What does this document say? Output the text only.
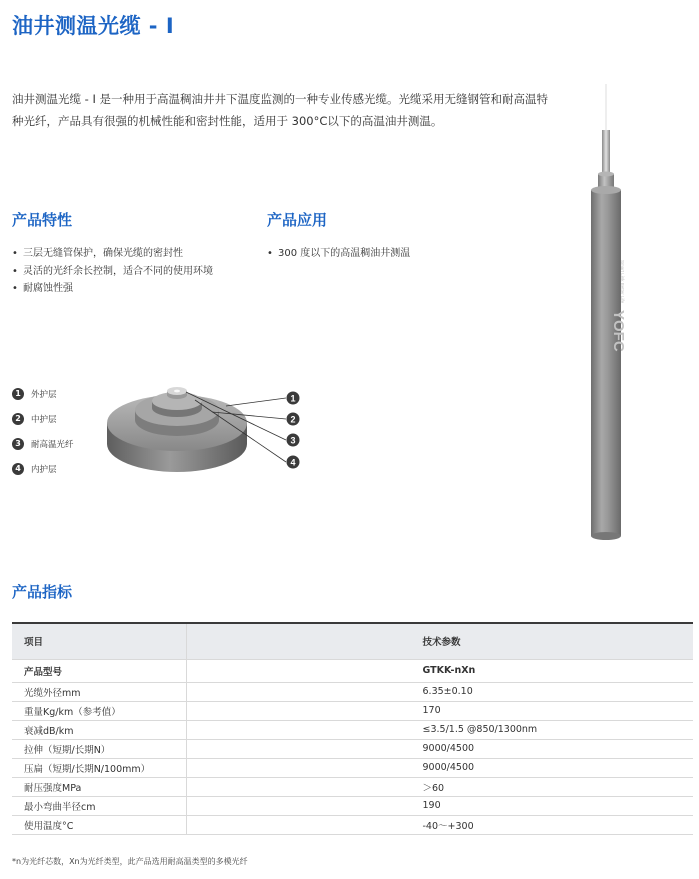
油井测温光缆 - I

油井测温光缆 - I 是一种用于高温稠油井井下温度监测的一种专业传感光缆。光缆采用无缝钢管和耐高温特种光纤，产品具有很强的机械性能和密封性能，适用于 300°C以下的高温油井测温。

产品特性
• 三层无缝管保护，确保光缆的密封性
• 灵活的光纤余长控制，适合不同的使用环境
• 耐腐蚀性强
产品应用
• 300 度以下的高温稠油井测温
1	外护层
2	中护层
3	耐高温光纤
4	内护层
1
2
3
4
YOFC
Smart Link Better Life
产品指标
项目	技术参数
产品型号	GTKK-nXn
光缆外径mm	6.35±0.10
重量Kg/km（参考值）	170
衰减dB/km	≤3.5/1.5 @850/1300nm
拉伸（短期/长期N）	9000/4500
压扁（短期/长期N/100mm）	9000/4500
耐压强度MPa	＞60
最小弯曲半径cm	190
使用温度°C	-40～+300
*n为光纤芯数，Xn为光纤类型，此产品选用耐高温类型的多模光纤
